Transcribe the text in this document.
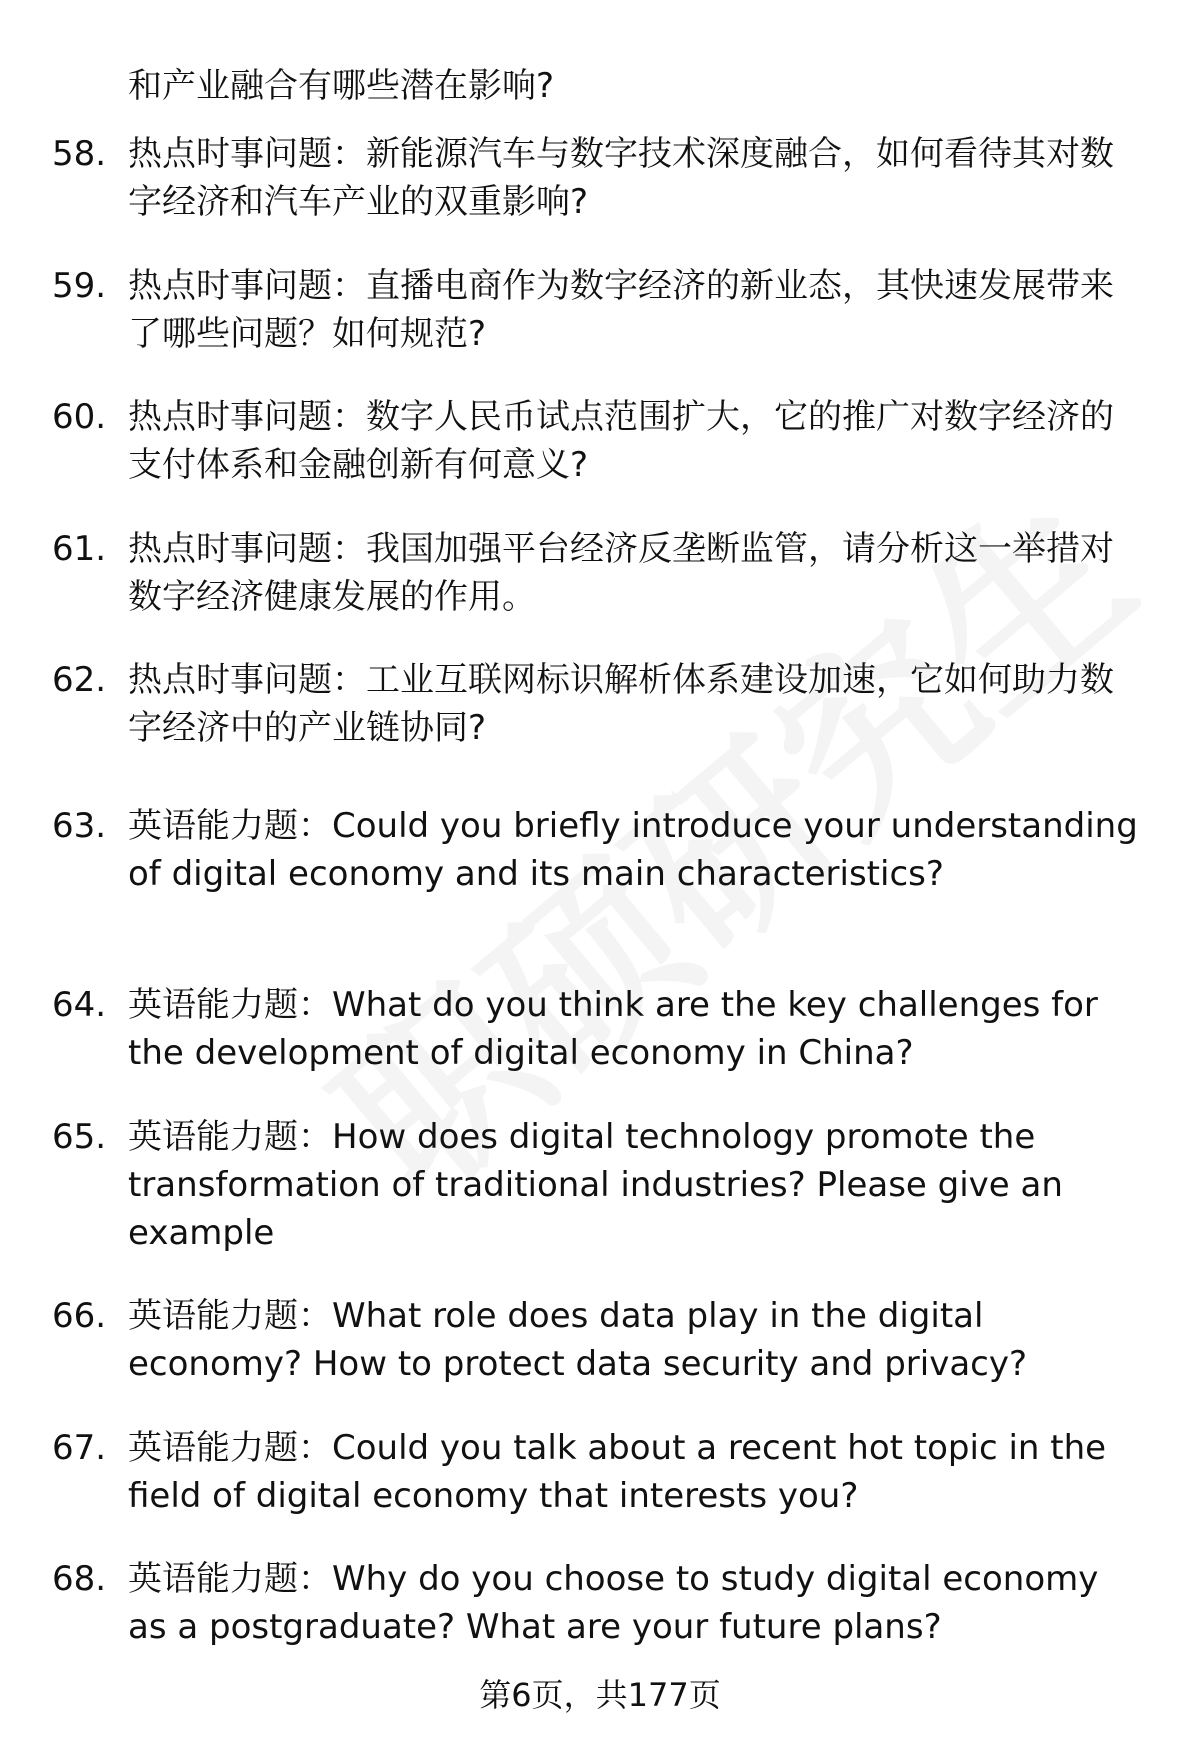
和产业融合有哪些潜在影响?
58. 热点时事问题：新能源汽车与数字技术深度融合，如何看待其对数字经济和汽车产业的双重影响?
59. 热点时事问题：直播电商作为数字经济的新业态，其快速发展带来了哪些问题？如何规范?
60. 热点时事问题：数字人民币试点范围扩大，它的推广对数字经济的支付体系和金融创新有何意义?
61. 热点时事问题：我国加强平台经济反垄断监管，请分析这一举措对数字经济健康发展的作用。
62. 热点时事问题：工业互联网标识解析体系建设加速，它如何助力数字经济中的产业链协同?
63. 英语能力题：Could you briefly introduce your understanding of digital economy and its main characteristics?
64. 英语能力题：What do you think are the key challenges for the development of digital economy in China?
65. 英语能力题：How does digital technology promote the transformation of traditional industries? Please give an example
66. 英语能力题：What role does data play in the digital economy? How to protect data security and privacy?
67. 英语能力题：Could you talk about a recent hot topic in the field of digital economy that interests you?
68. 英语能力题：Why do you choose to study digital economy as a postgraduate? What are your future plans?
第6页，共177页
